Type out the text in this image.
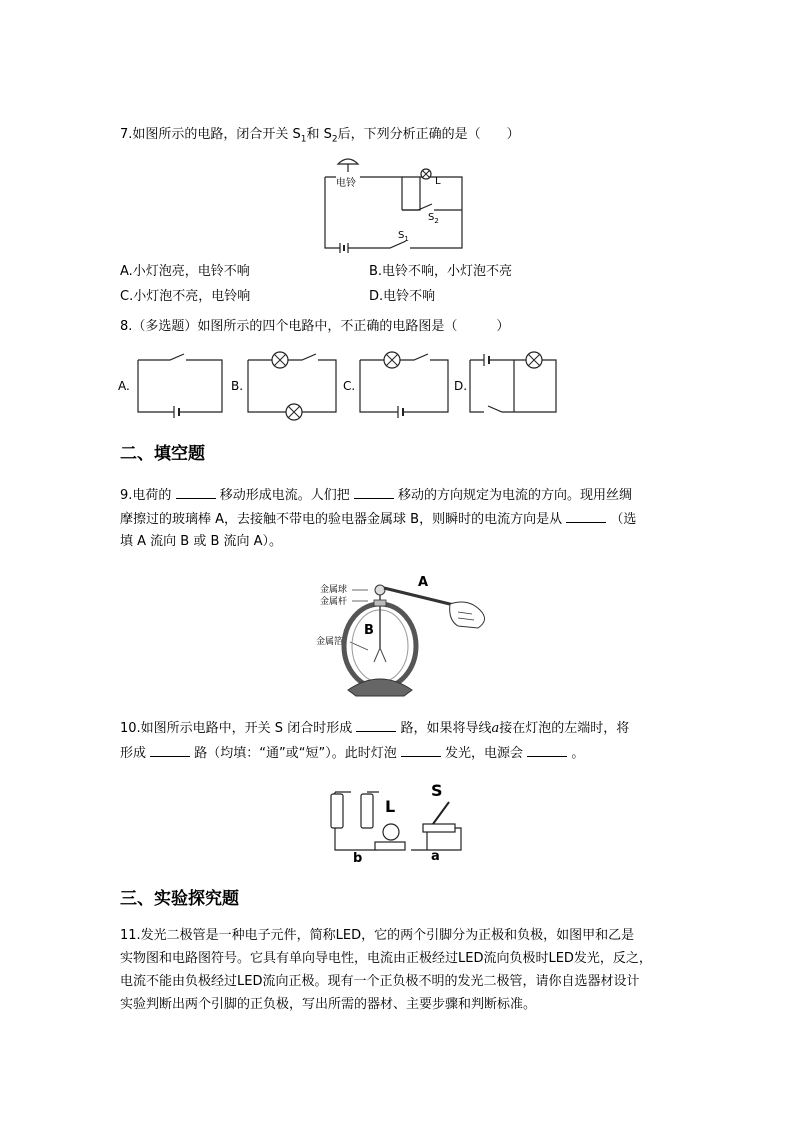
7.如图所示的电路，闭合开关 $S_1$和 $S_2$后，下列分析正确的是（　　）
电铃	L
$S_2$
$S_1$
A.小灯泡亮，电铃不响	B.电铃不响，小灯泡不亮
C.小灯泡不亮，电铃响	D.电铃不响
8.（多选题）如图所示的四个电路中，不正确的电路图是（　　　）
A.	B.	C.	D.
二、填空题
9.电荷的	移动形成电流。人们把	移动的方向规定为电流的方向。现用丝绸
摩擦过的玻璃棒 A，去接触不带电的验电器金属球 B，则瞬时的电流方向是从	（选
填 A 流向 B 或 B 流向 A）。
金属球
金属杆
金属箔
A
B
10.如图所示电路中，开关 S 闭合时形成	路，如果将导线a接在灯泡的左端时，将
形成	路（均填：“通”或“短”）。此时灯泡	发光，电源会	。
L
S
b	a
三、实验探究题
11.发光二极管是一种电子元件，简称LED，它的两个引脚分为正极和负极，如图甲和乙是
实物图和电路图符号。它具有单向导电性，电流由正极经过LED流向负极时LED发光，反之，
电流不能由负极经过LED流向正极。现有一个正负极不明的发光二极管，请你自选器材设计
实验判断出两个引脚的正负极，写出所需的器材、主要步骤和判断标准。
